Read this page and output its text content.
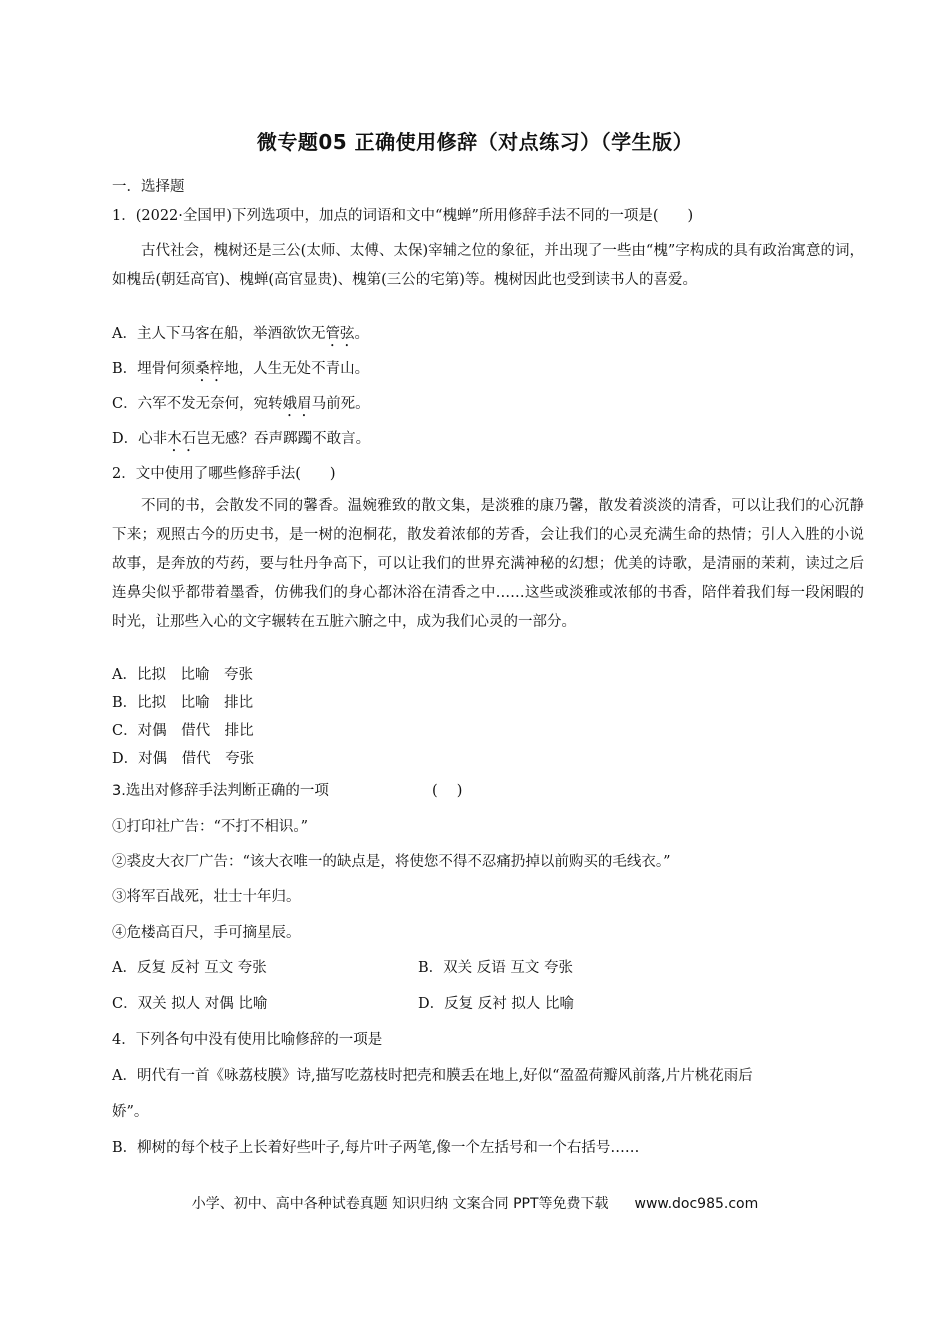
微专题05 正确使用修辞（对点练习）（学生版）
一．选择题
1．(2022·全国甲)下列选项中，加点的词语和文中“槐蝉”所用修辞手法不同的一项是(　　)
古代社会，槐树还是三公(太师、太傅、太保)宰辅之位的象征，并出现了一些由“槐”字构成的具有政治寓意的词，如槐岳(朝廷高官)、槐蝉(高官显贵)、槐第(三公的宅第)等。槐树因此也受到读书人的喜爱。
A．主人下马客在船，举酒欲饮无管弦。
B．埋骨何须桑梓地，人生无处不青山。
C．六军不发无奈何，宛转娥眉马前死。
D．心非木石岂无感？吞声踯躅不敢言。
2．文中使用了哪些修辞手法(　　)
不同的书，会散发不同的馨香。温婉雅致的散文集，是淡雅的康乃馨，散发着淡淡的清香，可以让我们的心沉静下来；观照古今的历史书，是一树的泡桐花，散发着浓郁的芳香，会让我们的心灵充满生命的热情；引人入胜的小说故事，是奔放的芍药，要与牡丹争高下，可以让我们的世界充满神秘的幻想；优美的诗歌，是清丽的茉莉，读过之后连鼻尖似乎都带着墨香，仿佛我们的身心都沐浴在清香之中……这些或淡雅或浓郁的书香，陪伴着我们每一段闲暇的时光，让那些入心的文字辗转在五脏六腑之中，成为我们心灵的一部分。
A．比拟　比喻　夸张
B．比拟　比喻　排比
C．对偶　借代　排比
D．对偶　借代　夸张
3.选出对修辞手法判断正确的一项	(　 )
①打印社广告：“不打不相识。”
②裘皮大衣厂广告：“该大衣唯一的缺点是，将使您不得不忍痛扔掉以前购买的毛线衣。”
③将军百战死，壮士十年归。
④危楼高百尺，手可摘星辰。
A．反复 反衬 互文 夸张	B．双关 反语 互文 夸张
C．双关 拟人 对偶 比喻	D．反复 反衬 拟人 比喻
4．下列各句中没有使用比喻修辞的一项是
A．明代有一首《咏荔枝膜》诗,描写吃荔枝时把壳和膜丢在地上,好似“盈盈荷瓣风前落,片片桃花雨后
娇”。
B．柳树的每个枝子上长着好些叶子,每片叶子两笔,像一个左括号和一个右括号……
小学、初中、高中各种试卷真题 知识归纳 文案合同 PPT等免费下载 www.doc985.com
